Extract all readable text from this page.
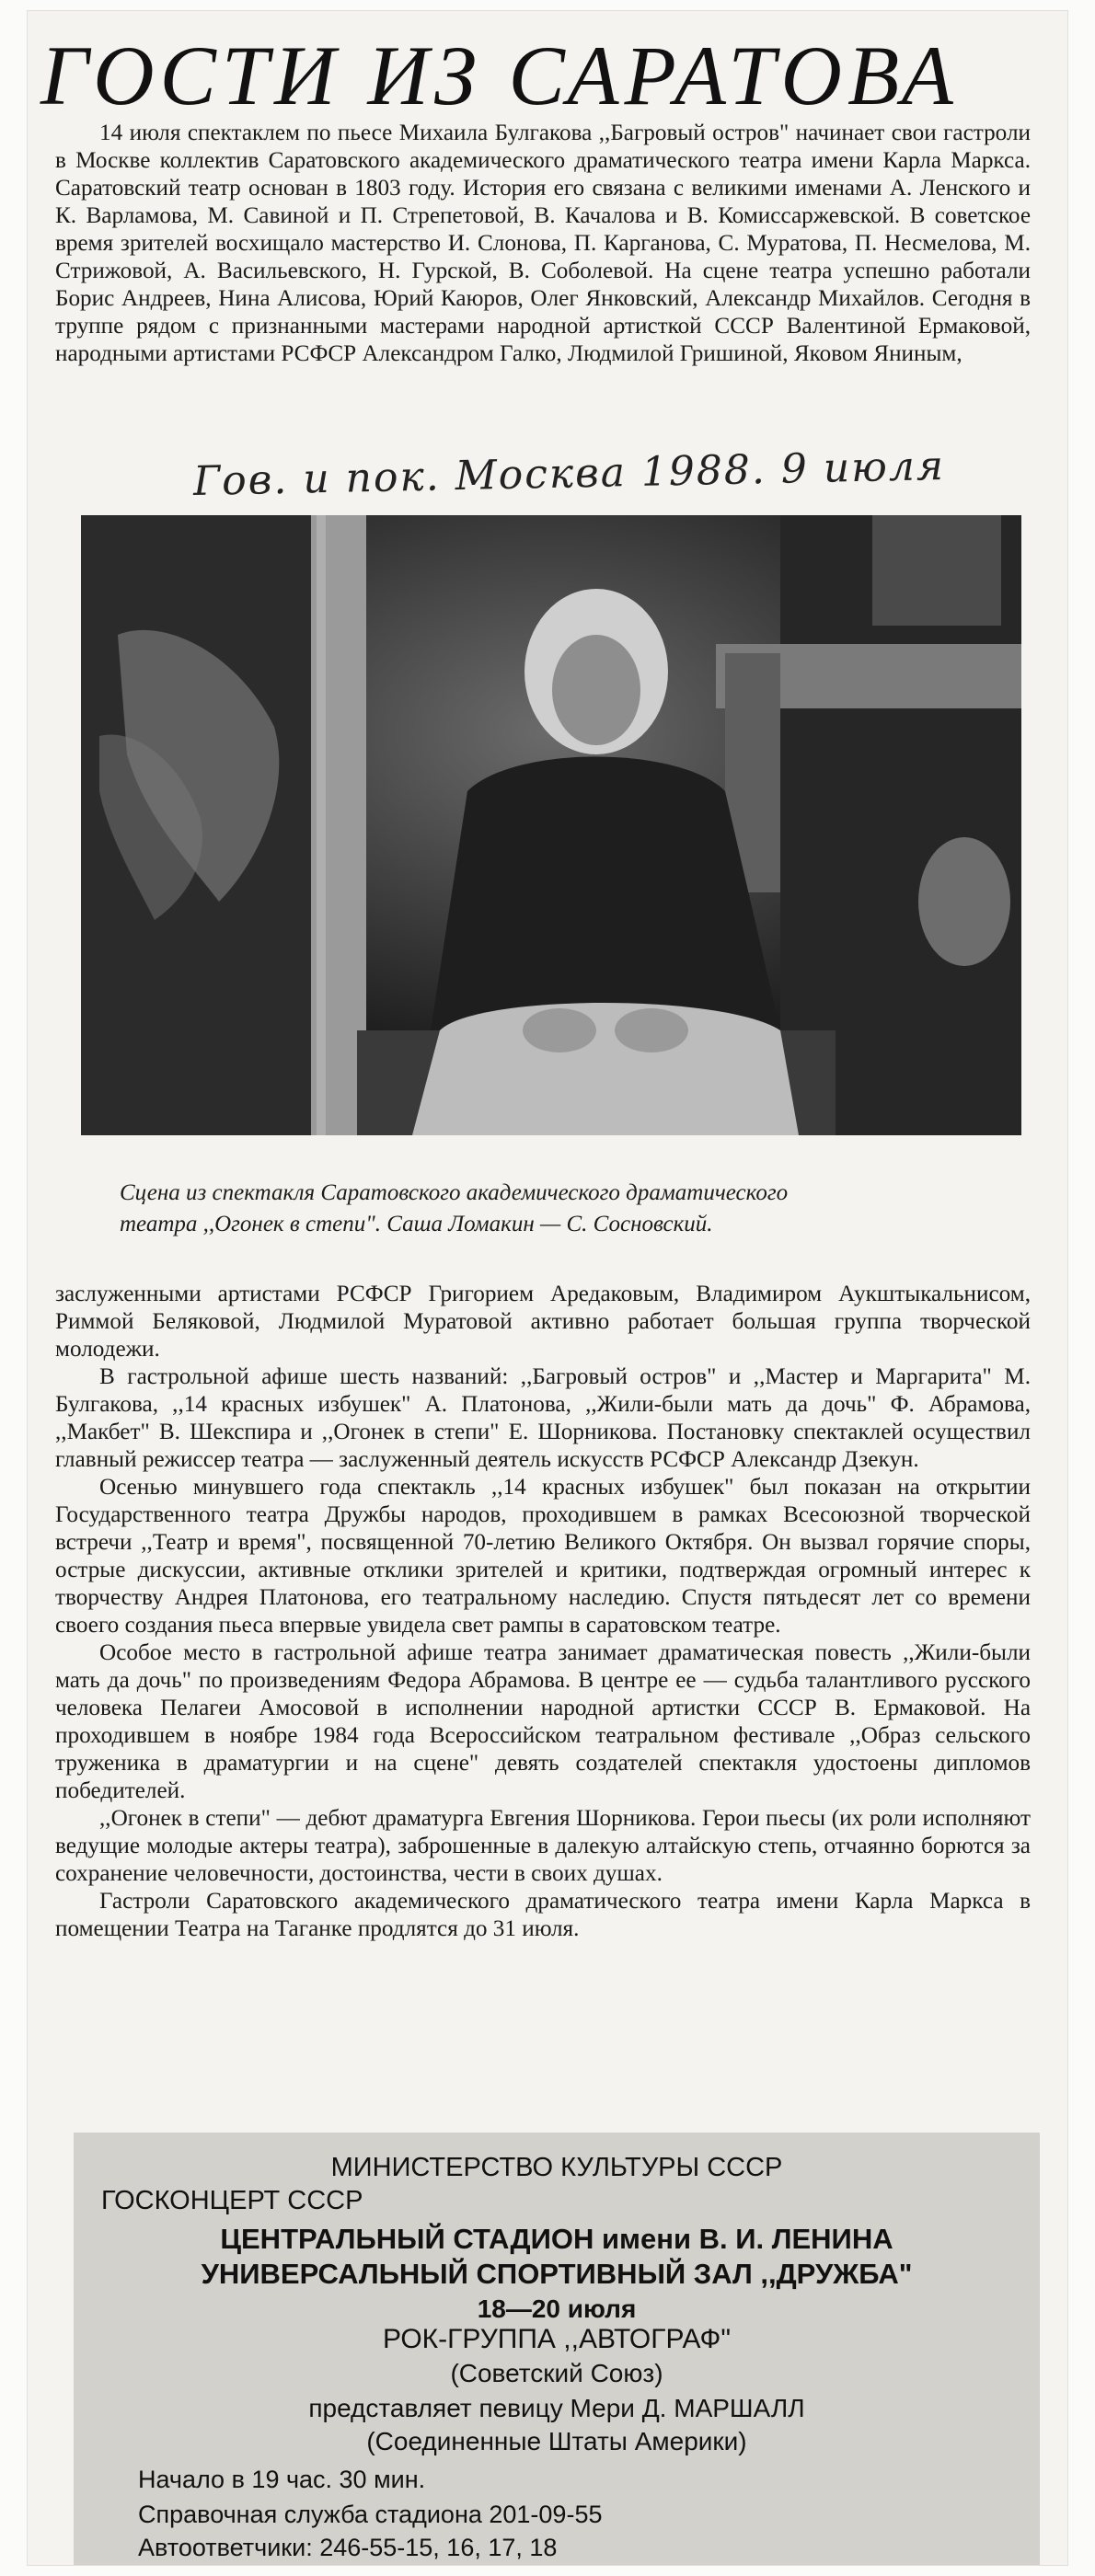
ГОСТИ ИЗ САРАТОВА

14 июля спектаклем по пьесе Михаила Булгакова ,,Багровый остров" начинает свои гастроли в Москве коллектив Саратовского академического драматического театра имени Карла Маркса. Саратовский театр основан в 1803 году. История его связана с великими именами А. Ленского и К. Варламова, М. Савиной и П. Стрепетовой, В. Качалова и В. Комиссаржевской. В советское время зрителей восхищало мастерство И. Слонова, П. Карганова, С. Муратова, П. Несмелова, М. Стрижовой, А. Васильевского, Н. Гурской, В. Соболевой. На сцене театра успешно работали Борис Андреев, Нина Алисова, Юрий Каюров, Олег Янковский, Александр Михайлов. Сегодня в труппе рядом с признанными мастерами народной артисткой СССР Валентиной Ермаковой, народными артистами РСФСР Александром Галко, Людмилой Гришиной, Яковом Яниным,

Гов. и пок. Москва 1988. 9 июля
Сцена из спектакля Саратовского академического драматического
театра ,,Огонек в степи". Саша Ломакин — С. Сосновский.

заслуженными артистами РСФСР Григорием Аредаковым, Владимиром Аукштыкальнисом, Риммой Беляковой, Людмилой Муратовой активно работает большая группа творческой молодежи.

В гастрольной афише шесть названий: ,,Багровый остров" и ,,Мастер и Маргарита" М. Булгакова, ,,14 красных избушек" А. Платонова, ,,Жили-были мать да дочь" Ф. Абрамова, ,,Макбет" В. Шекспира и ,,Огонек в степи" Е. Шорникова. Постановку спектаклей осуществил главный режиссер театра — заслуженный деятель искусств РСФСР Александр Дзекун.

Осенью минувшего года спектакль ,,14 красных избушек" был показан на открытии Государственного театра Дружбы народов, проходившем в рамках Всесоюзной творческой встречи ,,Театр и время", посвященной 70-летию Великого Октября. Он вызвал горячие споры, острые дискуссии, активные отклики зрителей и критики, подтверждая огромный интерес к творчеству Андрея Платонова, его театральному наследию. Спустя пятьдесят лет со времени своего создания пьеса впервые увидела свет рампы в саратовском театре.

Особое место в гастрольной афише театра занимает драматическая повесть ,,Жили-были мать да дочь" по произведениям Федора Абрамова. В центре ее — судьба талантливого русского человека Пелагеи Амосовой в исполнении народной артистки СССР В. Ермаковой. На проходившем в ноябре 1984 года Всероссийском театральном фестивале ,,Образ сельского труженика в драматургии и на сцене" девять создателей спектакля удостоены дипломов победителей.

,,Огонек в степи" — дебют драматурга Евгения Шорникова. Герои пьесы (их роли исполняют ведущие молодые актеры театра), заброшенные в далекую алтайскую степь, отчаянно борются за сохранение человечности, достоинства, чести в своих душах.

Гастроли Саратовского академического драматического театра имени Карла Маркса в помещении Театра на Таганке продлятся до 31 июля.

МИНИСТЕРСТВО КУЛЬТУРЫ СССР
ГОСКОНЦЕРТ СССР
ЦЕНТРАЛЬНЫЙ СТАДИОН имени В. И. ЛЕНИНА
УНИВЕРСАЛЬНЫЙ СПОРТИВНЫЙ ЗАЛ ,,ДРУЖБА"
18—20 июля
РОК-ГРУППА ,,АВТОГРАФ"
(Советский Союз)
представляет певицу Мери Д. МАРШАЛЛ
(Соединенные Штаты Америки)
Начало в 19 час. 30 мин.
Справочная служба стадиона 201-09-55
Автоответчики: 246-55-15, 16, 17, 18
